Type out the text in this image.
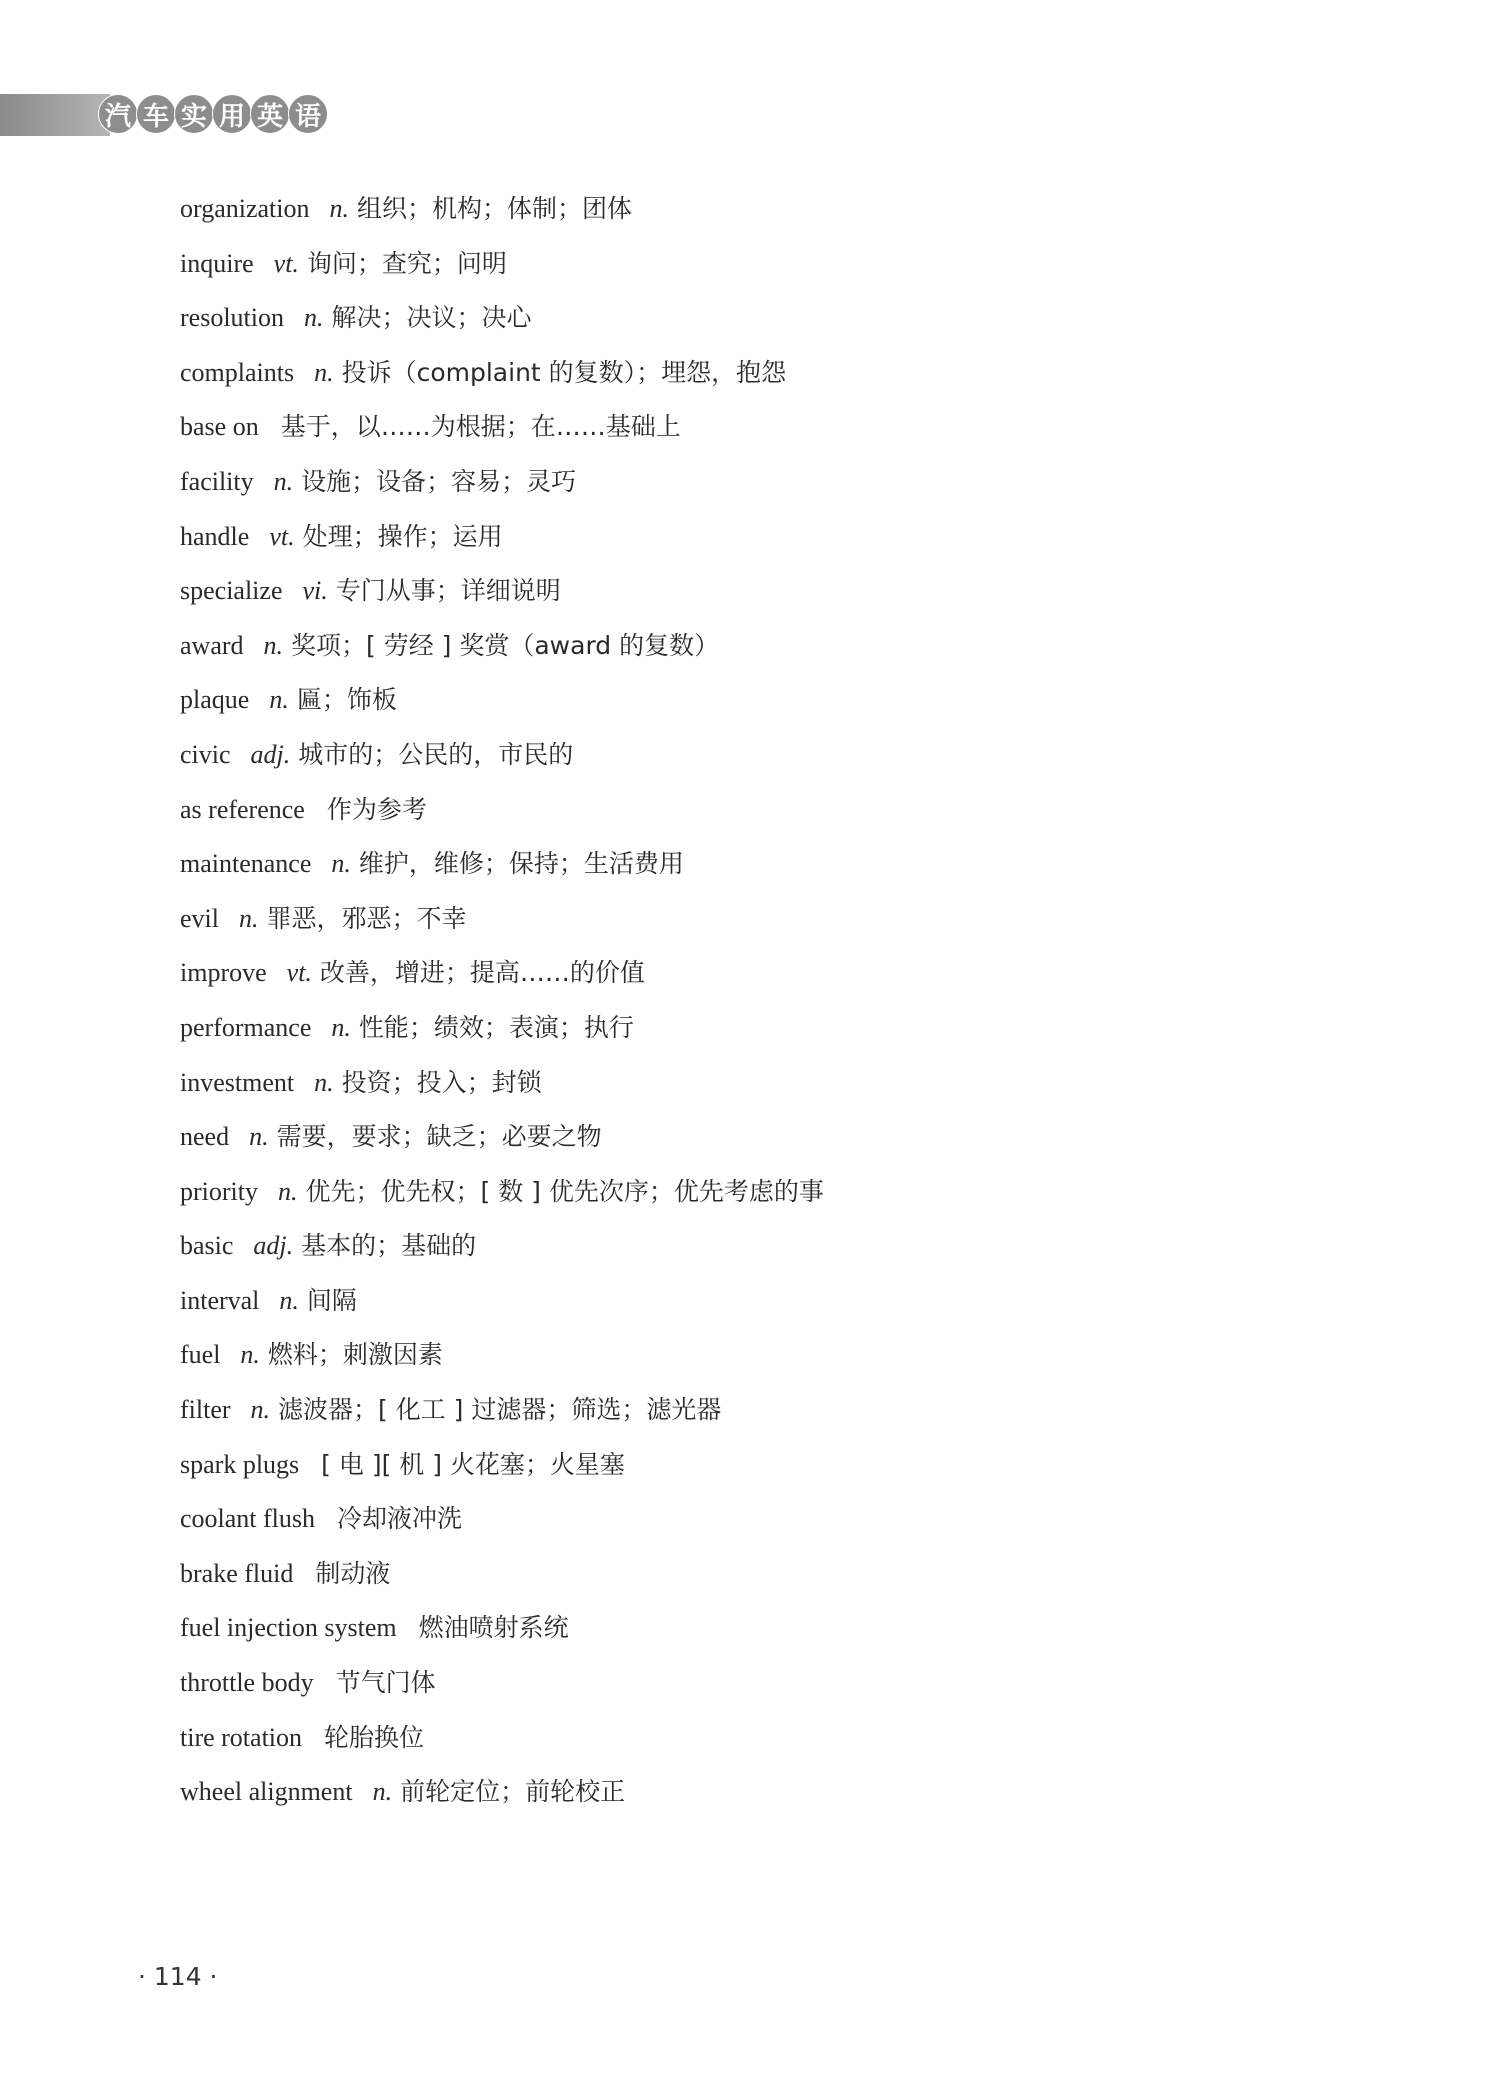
汽 车 实 用 英 语
organization n. 组织；机构；体制；团体
inquire vt. 询问；查究；问明
resolution n. 解决；决议；决心
complaints n. 投诉（complaint 的复数）；埋怨，抱怨
base on 基于，以……为根据；在……基础上
facility n. 设施；设备；容易；灵巧
handle vt. 处理；操作；运用
specialize vi. 专门从事；详细说明
award n. 奖项；[ 劳经 ] 奖赏（award 的复数）
plaque n. 匾；饰板
civic adj. 城市的；公民的，市民的
as reference 作为参考
maintenance n. 维护，维修；保持；生活费用
evil n. 罪恶，邪恶；不幸
improve vt. 改善，增进；提高……的价值
performance n. 性能；绩效；表演；执行
investment n. 投资；投入；封锁
need n. 需要，要求；缺乏；必要之物
priority n. 优先；优先权；[ 数 ] 优先次序；优先考虑的事
basic adj. 基本的；基础的
interval n. 间隔
fuel n. 燃料；刺激因素
filter n. 滤波器；[ 化工 ] 过滤器；筛选；滤光器
spark plugs [ 电 ][ 机 ] 火花塞；火星塞
coolant flush 冷却液冲洗
brake fluid 制动液
fuel injection system 燃油喷射系统
throttle body 节气门体
tire rotation 轮胎换位
wheel alignment n. 前轮定位；前轮校正
· 114 ·
